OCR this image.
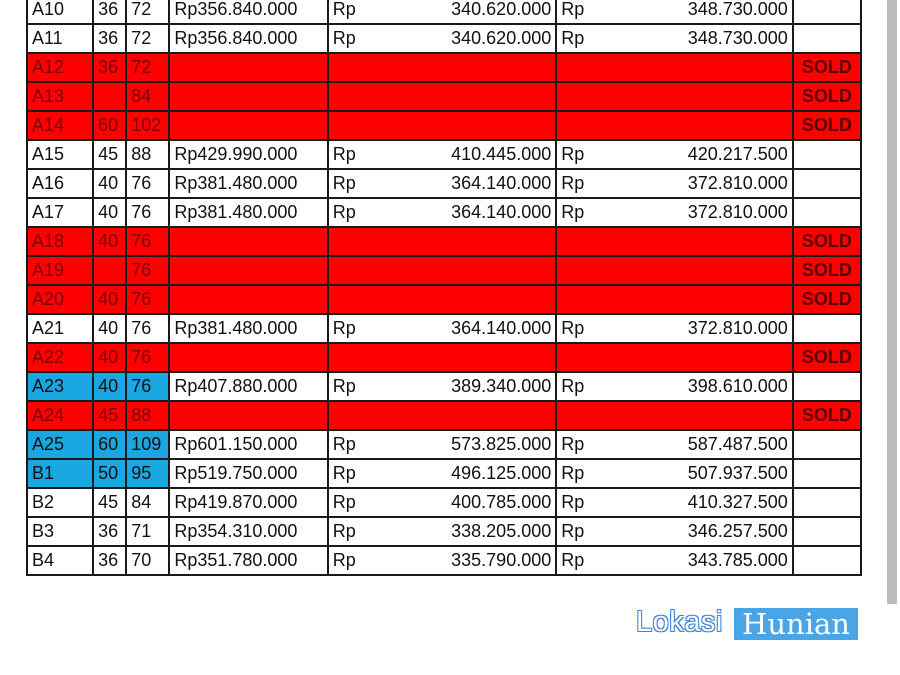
A10	36	72	Rp356.840.000	Rp	340.620.000	Rp	348.730.000	
A11	36	72	Rp356.840.000	Rp	340.620.000	Rp	348.730.000	
A12	36	72						SOLD
A13		84						SOLD
A14	60	102						SOLD
A15	45	88	Rp429.990.000	Rp	410.445.000	Rp	420.217.500	
A16	40	76	Rp381.480.000	Rp	364.140.000	Rp	372.810.000	
A17	40	76	Rp381.480.000	Rp	364.140.000	Rp	372.810.000	
A18	40	76						SOLD
A19		76						SOLD
A20	40	76						SOLD
A21	40	76	Rp381.480.000	Rp	364.140.000	Rp	372.810.000	
A22	40	76						SOLD
A23	40	76	Rp407.880.000	Rp	389.340.000	Rp	398.610.000	
A24	45	88						SOLD
A25	60	109	Rp601.150.000	Rp	573.825.000	Rp	587.487.500	
B1	50	95	Rp519.750.000	Rp	496.125.000	Rp	507.937.500	
B2	45	84	Rp419.870.000	Rp	400.785.000	Rp	410.327.500	
B3	36	71	Rp354.310.000	Rp	338.205.000	Rp	346.257.500	
B4	36	70	Rp351.780.000	Rp	335.790.000	Rp	343.785.000	
Lokasi Hunian
